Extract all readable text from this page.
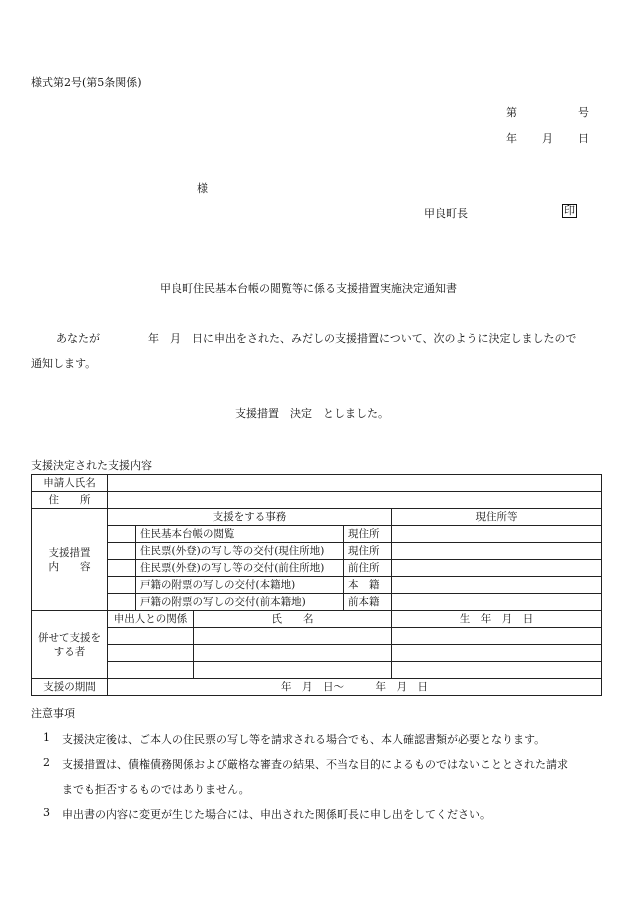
様式第2号(第5条関係)
第	号
年 月 日
様
甲良町長	印
甲良町住民基本台帳の閲覧等に係る支援措置実施決定通知書
あなたが	年　月　日に申出をされた、みだしの支援措置について、次のように決定しましたので
通知します。
支援措置　決定　としました。
支援決定された支援内容
申請人氏名					
住　　所					

支援措置
内　　容	支援をする事務				現住所等
		住民基本台帳の閲覧		現住所	
		住民票(外登)の写し等の交付(現住所地)		現住所	
		住民票(外登)の写し等の交付(前住所地)		前住所	
		戸籍の附票の写しの交付(本籍地)		本　籍	
		戸籍の附票の写しの交付(前本籍地)		前本籍	

併せて支援を
する者	申出人との関係		氏　　名		生　年　月　日

支援の期間	年　月　日〜　　　年　月　日				
注意事項
1 支援決定後は、ご本人の住民票の写し等を請求される場合でも、本人確認書類が必要となります。
2 支援措置は、債権債務関係および厳格な審査の結果、不当な目的によるものではないこととされた請求
までも拒否するものではありません。
3 申出書の内容に変更が生じた場合には、申出された関係町長に申し出をしてください。
